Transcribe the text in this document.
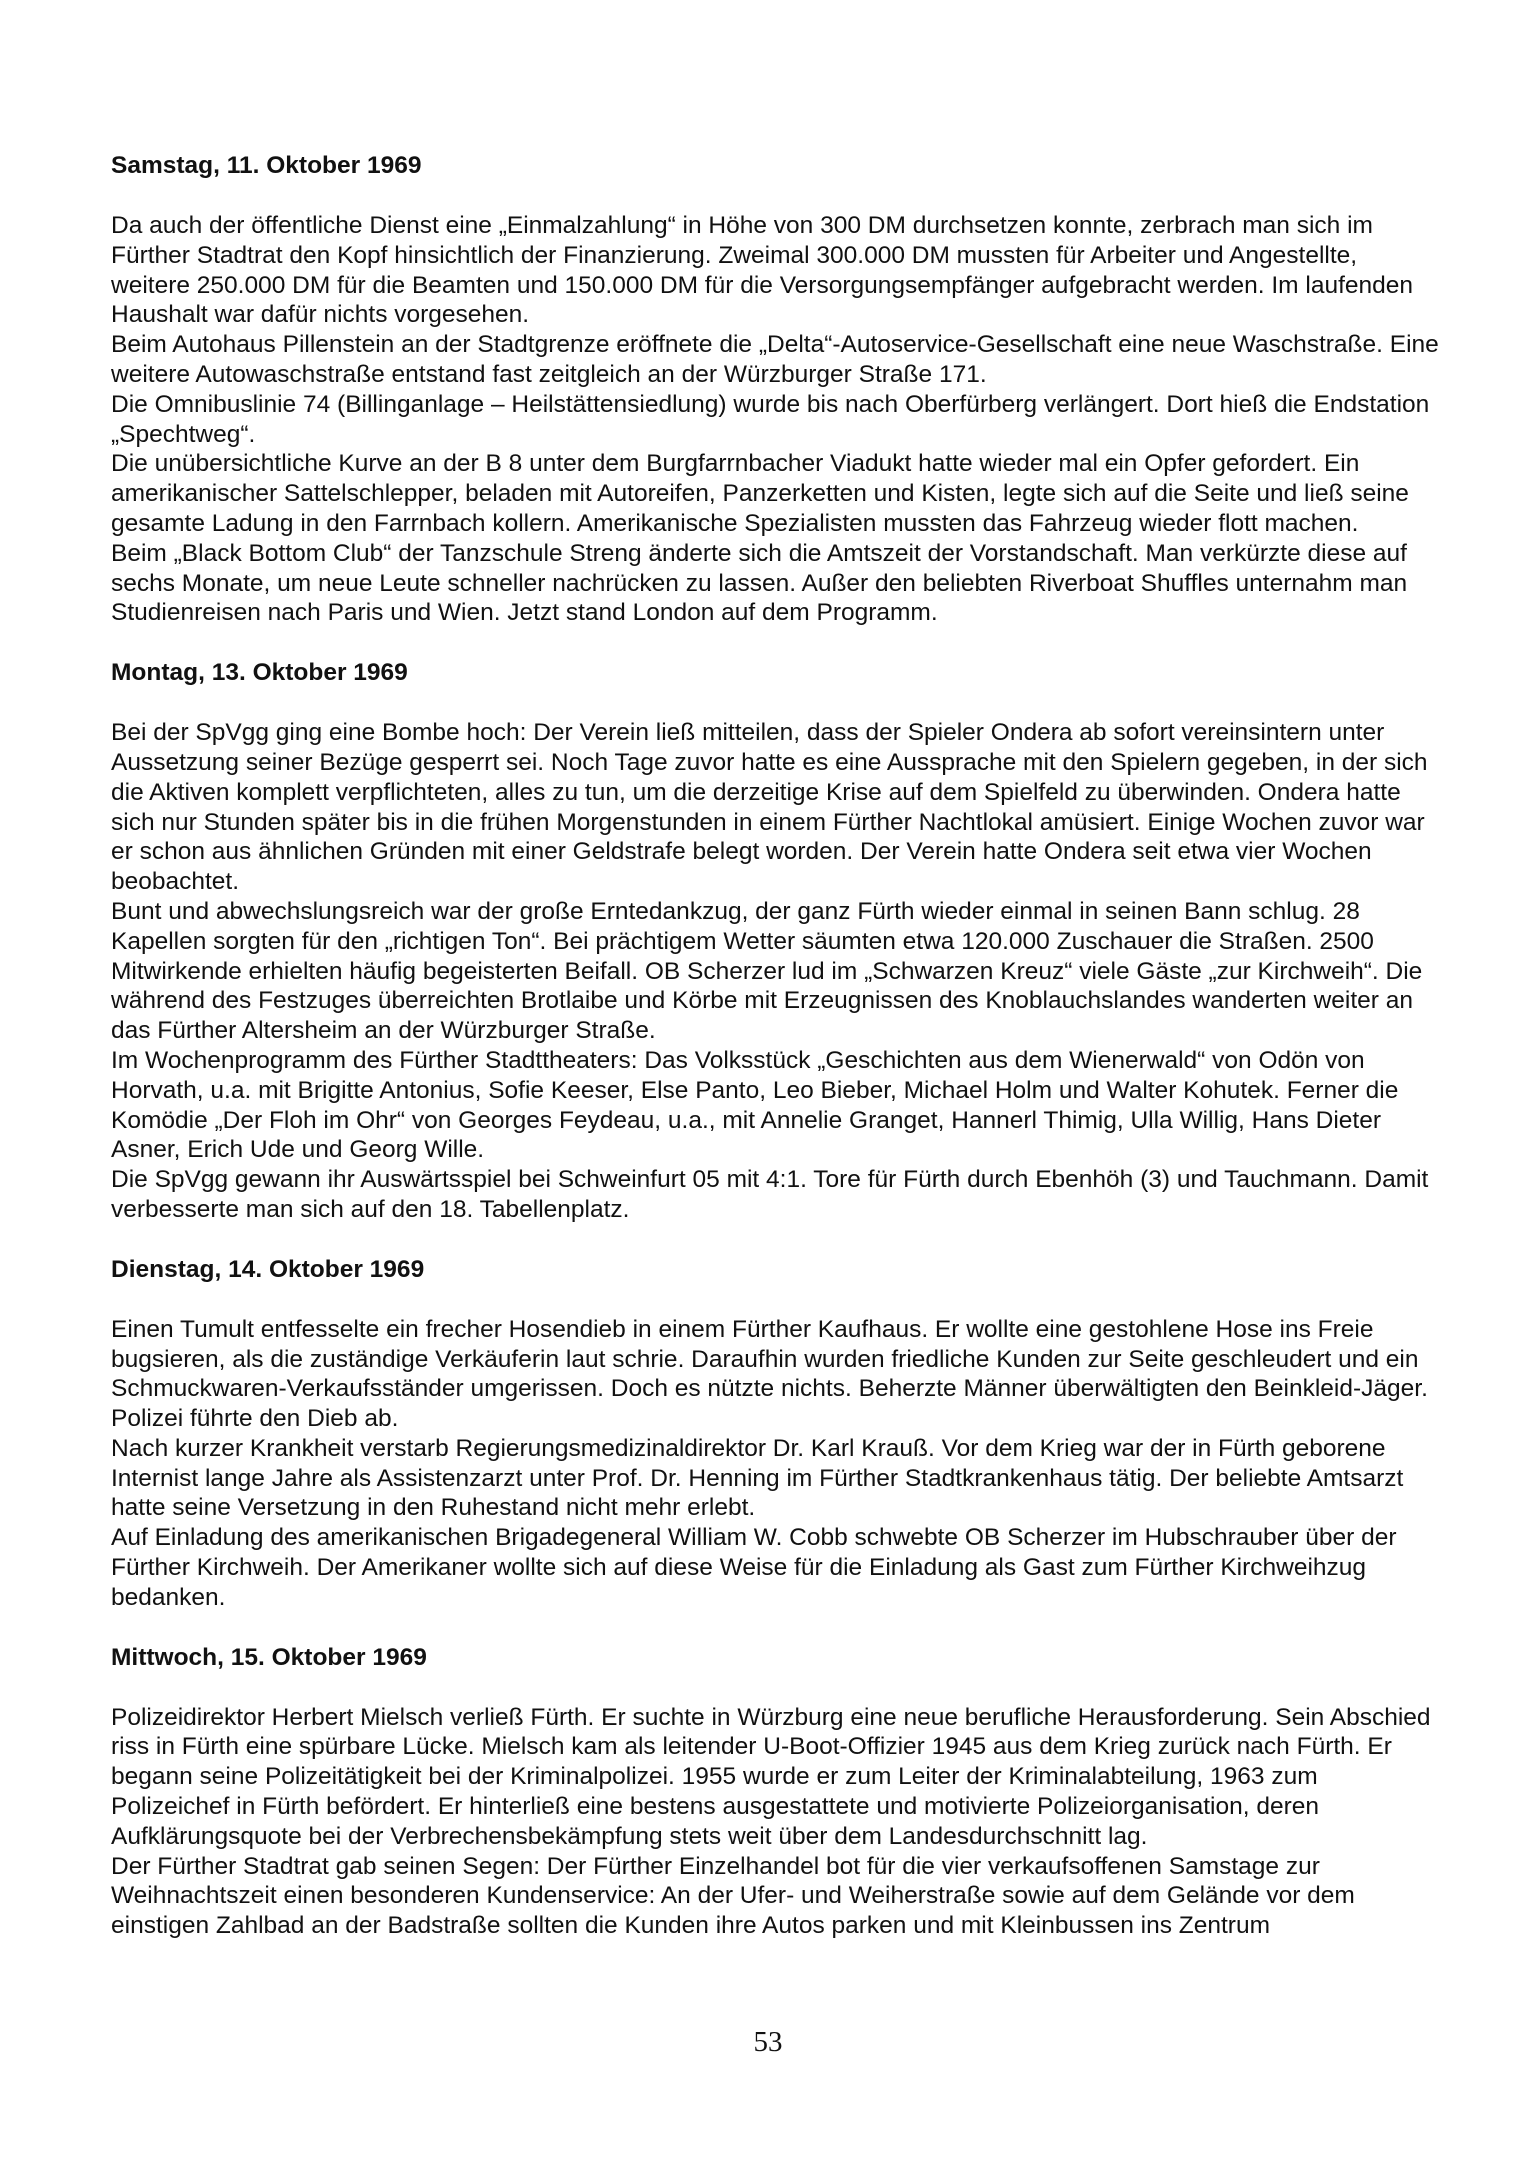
Samstag, 11. Oktober 1969

Da auch der öffentliche Dienst eine „Einmalzahlung“ in Höhe von 300 DM durchsetzen konnte, zerbrach man sich im Fürther Stadtrat den Kopf hinsichtlich der Finanzierung. Zweimal 300.000 DM mussten für Arbeiter und Angestellte, weitere 250.000 DM für die Beamten und 150.000 DM für die Versorgungsempfänger aufgebracht werden. Im laufenden Haushalt war dafür nichts vorgesehen.

Beim Autohaus Pillenstein an der Stadtgrenze eröffnete die „Delta“-Autoservice-Gesellschaft eine neue Waschstraße. Eine weitere Autowaschstraße entstand fast zeitgleich an der Würzburger Straße 171.

Die Omnibuslinie 74 (Billinganlage – Heilstättensiedlung) wurde bis nach Oberfürberg verlängert. Dort hieß die Endstation „Spechtweg“.

Die unübersichtliche Kurve an der B 8 unter dem Burgfarrnbacher Viadukt hatte wieder mal ein Opfer gefordert. Ein amerikanischer Sattelschlepper, beladen mit Autoreifen, Panzerketten und Kisten, legte sich auf die Seite und ließ seine gesamte Ladung in den Farrnbach kollern. Amerikanische Spezialisten mussten das Fahrzeug wieder flott machen.

Beim „Black Bottom Club“ der Tanzschule Streng änderte sich die Amtszeit der Vorstandschaft. Man verkürzte diese auf sechs Monate, um neue Leute schneller nachrücken zu lassen. Außer den beliebten Riverboat Shuffles unternahm man Studienreisen nach Paris und Wien. Jetzt stand London auf dem Programm.

Montag, 13. Oktober 1969

Bei der SpVgg ging eine Bombe hoch: Der Verein ließ mitteilen, dass der Spieler Ondera ab sofort vereinsintern unter Aussetzung seiner Bezüge gesperrt sei. Noch Tage zuvor hatte es eine Aussprache mit den Spielern gegeben, in der sich die Aktiven komplett verpflichteten, alles zu tun, um die derzeitige Krise auf dem Spielfeld zu überwinden. Ondera hatte sich nur Stunden später bis in die frühen Morgenstunden in einem Fürther Nachtlokal amüsiert. Einige Wochen zuvor war er schon aus ähnlichen Gründen mit einer Geldstrafe belegt worden. Der Verein hatte Ondera seit etwa vier Wochen beobachtet.

Bunt und abwechslungsreich war der große Erntedankzug, der ganz Fürth wieder einmal in seinen Bann schlug. 28 Kapellen sorgten für den „richtigen Ton“. Bei prächtigem Wetter säumten etwa 120.000 Zuschauer die Straßen. 2500 Mitwirkende erhielten häufig begeisterten Beifall. OB Scherzer lud im „Schwarzen Kreuz“ viele Gäste „zur Kirchweih“. Die während des Festzuges überreichten Brotlaibe und Körbe mit Erzeugnissen des Knoblauchslandes wanderten weiter an das Fürther Altersheim an der Würzburger Straße.

Im Wochenprogramm des Fürther Stadttheaters: Das Volksstück „Geschichten aus dem Wienerwald“ von Odön von Horvath, u.a. mit Brigitte Antonius, Sofie Keeser, Else Panto, Leo Bieber, Michael Holm und Walter Kohutek. Ferner die Komödie „Der Floh im Ohr“ von Georges Feydeau, u.a., mit Annelie Granget, Hannerl Thimig, Ulla Willig, Hans Dieter Asner, Erich Ude und Georg Wille.

Die SpVgg gewann ihr Auswärtsspiel bei Schweinfurt 05 mit 4:1. Tore für Fürth durch Ebenhöh (3) und Tauchmann. Damit verbesserte man sich auf den 18. Tabellenplatz.

Dienstag, 14. Oktober 1969

Einen Tumult entfesselte ein frecher Hosendieb in einem Fürther Kaufhaus. Er wollte eine gestohlene Hose ins Freie bugsieren, als die zuständige Verkäuferin laut schrie. Daraufhin wurden friedliche Kunden zur Seite geschleudert und ein Schmuckwaren-Verkaufsständer umgerissen. Doch es nützte nichts. Beherzte Männer überwältigten den Beinkleid-Jäger. Polizei führte den Dieb ab.

Nach kurzer Krankheit verstarb Regierungsmedizinaldirektor Dr. Karl Krauß. Vor dem Krieg war der in Fürth geborene Internist lange Jahre als Assistenzarzt unter Prof. Dr. Henning im Fürther Stadtkrankenhaus tätig. Der beliebte Amtsarzt hatte seine Versetzung in den Ruhestand nicht mehr erlebt.

Auf Einladung des amerikanischen Brigadegeneral William W. Cobb schwebte OB Scherzer im Hubschrauber über der Fürther Kirchweih. Der Amerikaner wollte sich auf diese Weise für die Einladung als Gast zum Fürther Kirchweihzug bedanken.

Mittwoch, 15. Oktober 1969

Polizeidirektor Herbert Mielsch verließ Fürth. Er suchte in Würzburg eine neue berufliche Herausforderung. Sein Abschied riss in Fürth eine spürbare Lücke. Mielsch kam als leitender U-Boot-Offizier 1945 aus dem Krieg zurück nach Fürth. Er begann seine Polizeitätigkeit bei der Kriminalpolizei. 1955 wurde er zum Leiter der Kriminalabteilung, 1963 zum Polizeichef in Fürth befördert. Er hinterließ eine bestens ausgestattete und motivierte Polizeiorganisation, deren Aufklärungsquote bei der Verbrechensbekämpfung stets weit über dem Landesdurchschnitt lag.

Der Fürther Stadtrat gab seinen Segen: Der Fürther Einzelhandel bot für die vier verkaufsoffenen Samstage zur Weihnachtszeit einen besonderen Kundenservice: An der Ufer- und Weiherstraße sowie auf dem Gelände vor dem einstigen Zahlbad an der Badstraße sollten die Kunden ihre Autos parken und mit Kleinbussen ins Zentrum

53
